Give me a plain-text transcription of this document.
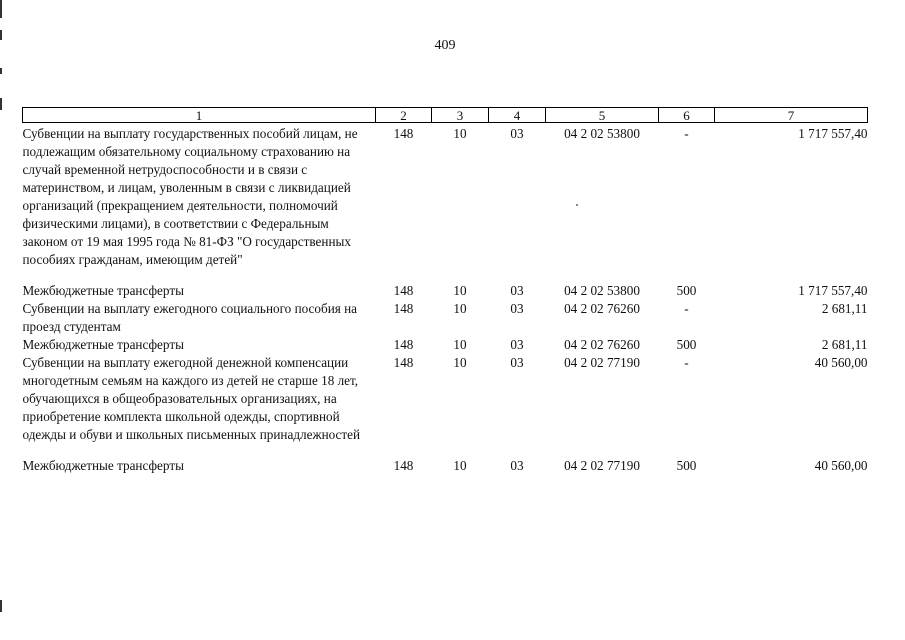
409
1	2	3	4	5	6	7
Субвенции на выплату государственных пособий лицам, не подлежащим обязательному социальному страхованию на случай временной нетрудоспособности и в связи с материнством, и лицам, уволенным в связи с ликвидацией организаций (прекращением деятельности, полномочий физическими лицами), в соответствии с Федеральным законом от 19 мая 1995 года № 81-ФЗ "О государственных пособиях гражданам, имеющим детей"	148	10	03	04 2 02 53800	-	1 717 557,40
Межбюджетные трансферты	148	10	03	04 2 02 53800	500	1 717 557,40
Субвенции на выплату ежегодного социального пособия на проезд студентам	148	10	03	04 2 02 76260	-	2 681,11
Межбюджетные трансферты	148	10	03	04 2 02 76260	500	2 681,11
Субвенции на выплату ежегодной денежной компенсации многодетным семьям на каждого из детей не старше 18 лет, обучающихся в общеобразовательных организациях, на приобретение комплекта школьной одежды, спортивной одежды и обуви и школьных письменных принадлежностей	148	10	03	04 2 02 77190	-	40 560,00
Межбюджетные трансферты	148	10	03	04 2 02 77190	500	40 560,00
